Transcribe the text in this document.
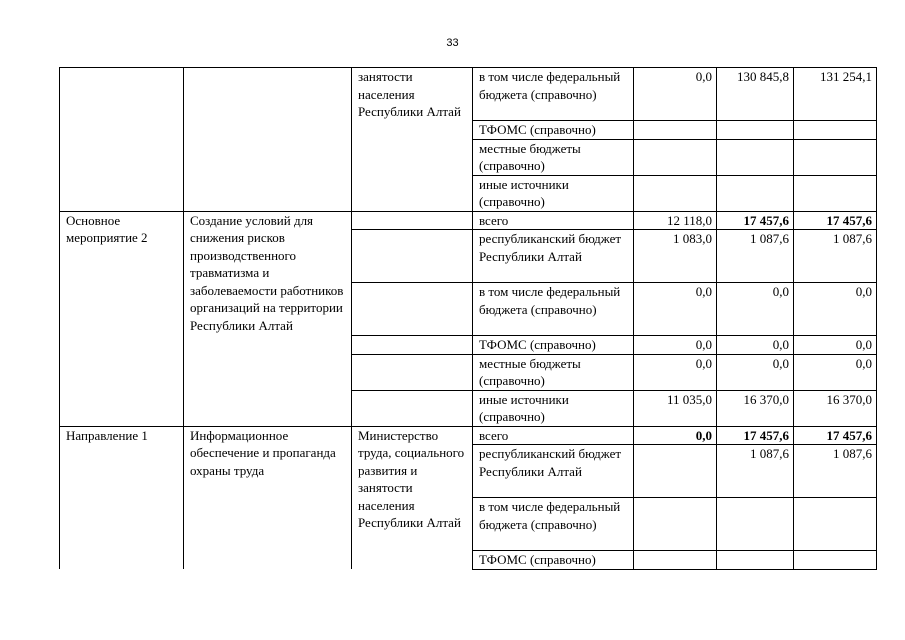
33
		занятости населения Республики Алтай	в том числе федеральный бюджета (справочно)	0,0	130 845,8	131 254,1
			ТФОМС (справочно)			
			местные бюджеты (справочно)			
			иные источники (справочно)			
Основное мероприятие 2	Создание условий для снижения рисков производственного травматизма и заболеваемости работников организаций на территории Республики Алтай		всего	12 118,0	17 457,6	17 457,6
			республиканский бюджет Республики Алтай	1 083,0	1 087,6	1 087,6
			в том числе федеральный бюджета (справочно)	0,0	0,0	0,0
			ТФОМС (справочно)	0,0	0,0	0,0
			местные бюджеты (справочно)	0,0	0,0	0,0
			иные источники (справочно)	11 035,0	16 370,0	16 370,0
Направление 1	Информационное обеспечение и пропаганда охраны труда	Министерство труда, социального развития и занятости населения Республики Алтай	всего	0,0	17 457,6	17 457,6
			республиканский бюджет Республики Алтай		1 087,6	1 087,6
			в том числе федеральный бюджета (справочно)			
			ТФОМС (справочно)			
